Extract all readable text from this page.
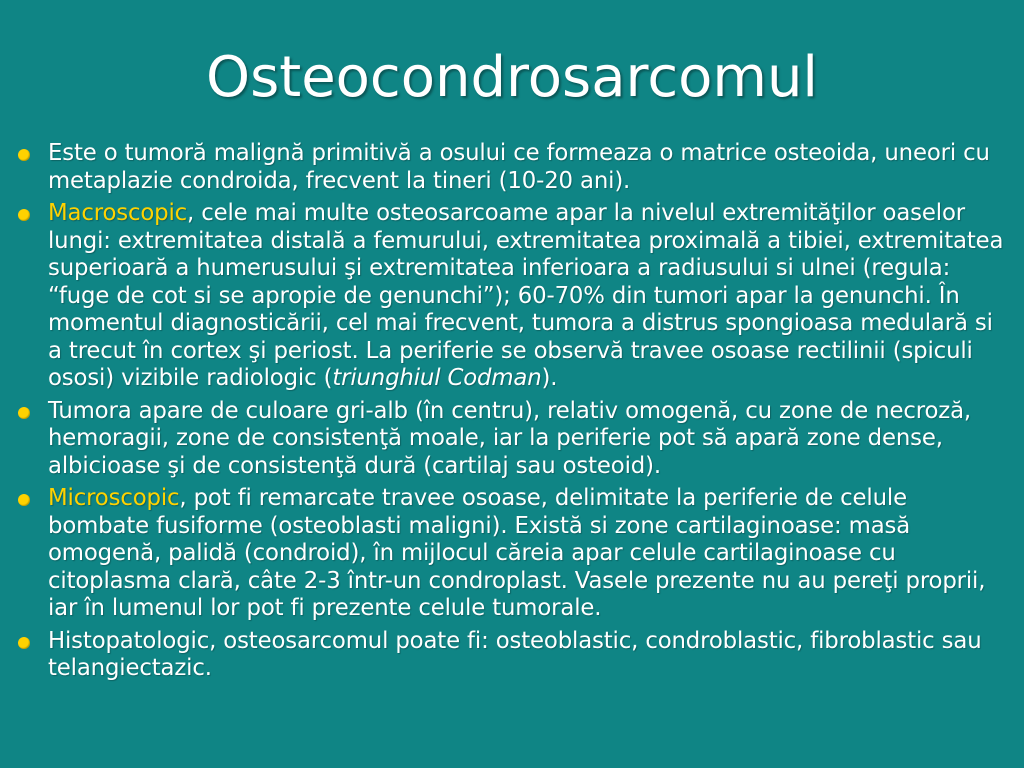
Osteocondrosarcomul
Este o tumoră malignă primitivă a osului ce formeaza o matrice osteoida, uneori cu metaplazie condroida, frecvent la tineri (10-20 ani).
Macroscopic, cele mai multe osteosarcoame apar la nivelul extremităţilor oaselor lungi: extremitatea distală a femurului, extremitatea proximală a tibiei, extremitatea superioară a humerusului şi extremitatea inferioara a radiusului si ulnei (regula: “fuge de cot si se apropie de genunchi”); 60-70% din tumori apar la genunchi. În momentul diagnosticării, cel mai frecvent, tumora a distrus spongioasa medulară si a trecut în cortex şi periost. La periferie se observă travee osoase rectilinii (spiculi ososi) vizibile radiologic (triunghiul Codman).
Tumora apare de culoare gri-alb (în centru), relativ omogenă, cu zone de necroză, hemoragii, zone de consistenţă moale, iar la periferie pot să apară zone dense, albicioase şi de consistenţă dură (cartilaj sau osteoid).
Microscopic, pot fi remarcate travee osoase, delimitate la periferie de celule bombate fusiforme (osteoblasti maligni). Există si zone cartilaginoase: masă omogenă, palidă (condroid), în mijlocul căreia apar celule cartilaginoase cu citoplasma clară, câte 2-3 într-un condroplast. Vasele prezente nu au pereţi proprii, iar în lumenul lor pot fi prezente celule tumorale.
Histopatologic, osteosarcomul poate fi: osteoblastic, condroblastic, fibroblastic sau telangiectazic.
